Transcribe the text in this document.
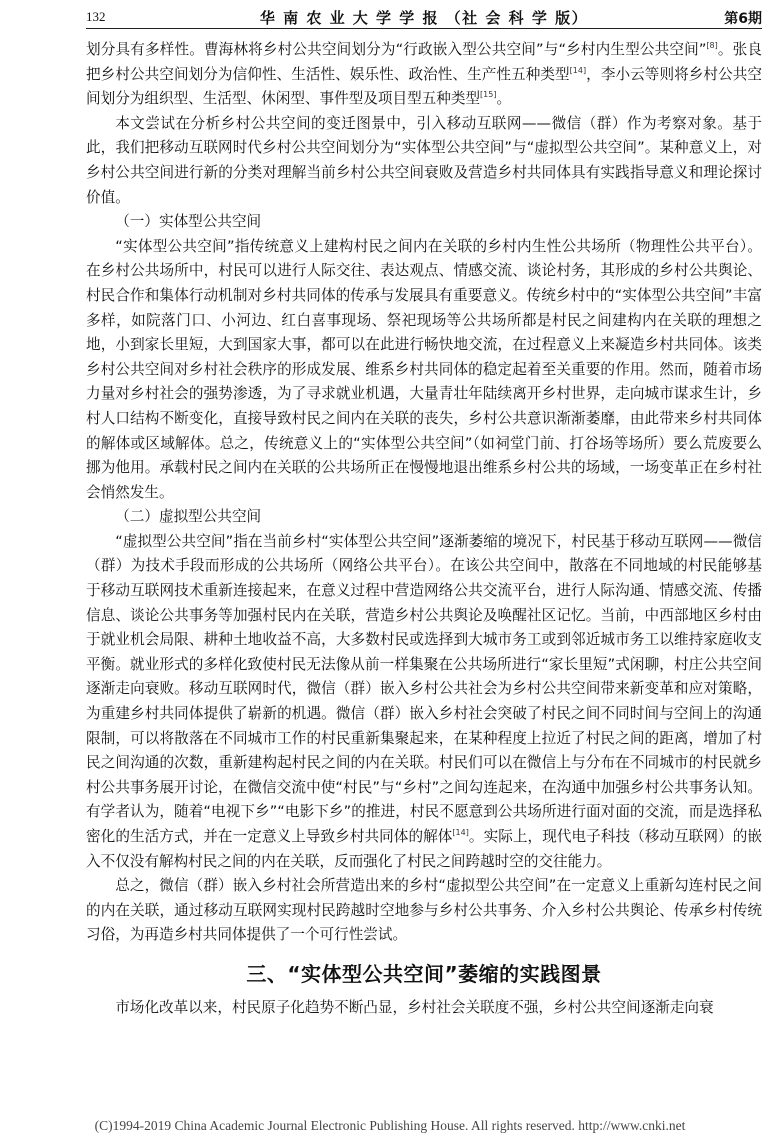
132	华 南 农 业 大 学 学 报 （社 会 科 学 版）	第6期

划分具有多样性。曹海林将乡村公共空间划分为“行政嵌入型公共空间”与“乡村内生型公共空间”[8]。张良把乡村公共空间划分为信仰性、生活性、娱乐性、政治性、生产性五种类型[14]，李小云等则将乡村公共空间划分为组织型、生活型、休闲型、事件型及项目型五种类型[15]。

本文尝试在分析乡村公共空间的变迁图景中，引入移动互联网——微信（群）作为考察对象。基于此，我们把移动互联网时代乡村公共空间划分为“实体型公共空间”与“虚拟型公共空间”。某种意义上，对乡村公共空间进行新的分类对理解当前乡村公共空间衰败及营造乡村共同体具有实践指导意义和理论探讨价值。

（一）实体型公共空间

“实体型公共空间”指传统意义上建构村民之间内在关联的乡村内生性公共场所（物理性公共平台）。在乡村公共场所中，村民可以进行人际交往、表达观点、情感交流、谈论村务，其形成的乡村公共舆论、村民合作和集体行动机制对乡村共同体的传承与发展具有重要意义。传统乡村中的“实体型公共空间”丰富多样，如院落门口、小河边、红白喜事现场、祭祀现场等公共场所都是村民之间建构内在关联的理想之地，小到家长里短，大到国家大事，都可以在此进行畅快地交流，在过程意义上来凝造乡村共同体。该类乡村公共空间对乡村社会秩序的形成发展、维系乡村共同体的稳定起着至关重要的作用。然而，随着市场力量对乡村社会的强势渗透，为了寻求就业机遇，大量青壮年陆续离开乡村世界，走向城市谋求生计，乡村人口结构不断变化，直接导致村民之间内在关联的丧失，乡村公共意识渐渐萎靡，由此带来乡村共同体的解体或区域解体。总之，传统意义上的“实体型公共空间”（如祠堂门前、打谷场等场所）要么荒废要么挪为他用。承载村民之间内在关联的公共场所正在慢慢地退出维系乡村公共的场域，一场变革正在乡村社会悄然发生。

（二）虚拟型公共空间

“虚拟型公共空间”指在当前乡村“实体型公共空间”逐渐萎缩的境况下，村民基于移动互联网——微信（群）为技术手段而形成的公共场所（网络公共平台）。在该公共空间中，散落在不同地域的村民能够基于移动互联网技术重新连接起来，在意义过程中营造网络公共交流平台，进行人际沟通、情感交流、传播信息、谈论公共事务等加强村民内在关联，营造乡村公共舆论及唤醒社区记忆。当前，中西部地区乡村由于就业机会局限、耕种土地收益不高，大多数村民或选择到大城市务工或到邻近城市务工以维持家庭收支平衡。就业形式的多样化致使村民无法像从前一样集聚在公共场所进行“家长里短”式闲聊，村庄公共空间逐渐走向衰败。移动互联网时代，微信（群）嵌入乡村公共社会为乡村公共空间带来新变革和应对策略，为重建乡村共同体提供了崭新的机遇。微信（群）嵌入乡村社会突破了村民之间不同时间与空间上的沟通限制，可以将散落在不同城市工作的村民重新集聚起来，在某种程度上拉近了村民之间的距离，增加了村民之间沟通的次数，重新建构起村民之间的内在关联。村民们可以在微信上与分布在不同城市的村民就乡村公共事务展开讨论，在微信交流中使“村民”与“乡村”之间勾连起来，在沟通中加强乡村公共事务认知。有学者认为，随着“电视下乡”“电影下乡”的推进，村民不愿意到公共场所进行面对面的交流，而是选择私密化的生活方式，并在一定意义上导致乡村共同体的解体[14]。实际上，现代电子科技（移动互联网）的嵌入不仅没有解构村民之间的内在关联，反而强化了村民之间跨越时空的交往能力。

总之，微信（群）嵌入乡村社会所营造出来的乡村“虚拟型公共空间”在一定意义上重新勾连村民之间的内在关联，通过移动互联网实现村民跨越时空地参与乡村公共事务、介入乡村公共舆论、传承乡村传统习俗，为再造乡村共同体提供了一个可行性尝试。

三、“实体型公共空间”萎缩的实践图景

市场化改革以来，村民原子化趋势不断凸显，乡村社会关联度不强，乡村公共空间逐渐走向衰

(C)1994-2019 China Academic Journal Electronic Publishing House. All rights reserved. http://www.cnki.net
